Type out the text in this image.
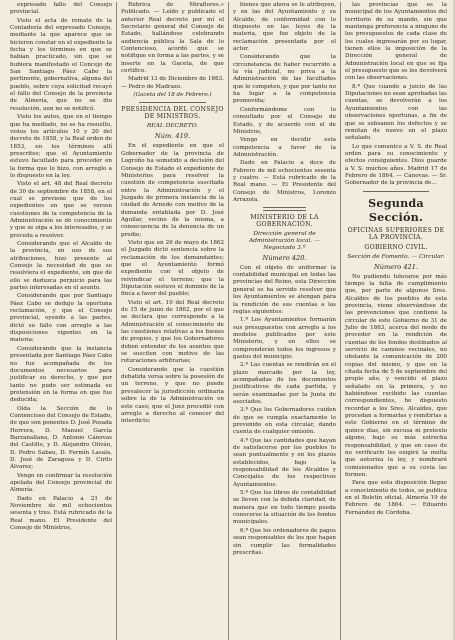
expresado fallo del Consejo provincial.

Visto el acta de remate de la Contaduría del expresado Consejo, mediante la que aparece que se hicieron constar en el expediente la fecha y los términos en que se habían practicado, sin que se hubiera manifestado el Concejo de San Santiago Páez Cabo la pertinente, gobernativa, alguna del pueblo, sobre cuya solicitud recayó el fallo del Consejo de la provincia de Almería, que no se dio resolución, aun no se notificó.

Visto los autos, que en el tiempo que ha mediado, no se ha resuelto, vistos los artículos 10 y 20 del decreto de 1858, y la Real orden de 1853, en los términos allí prescritos; que el Ayuntamiento estuvo facultado para proceder en la forma que lo hizo, con arreglo a lo dispuesto en la ley.

Visto el art. 48 del Real decreto de 30 de septiembre de 1858, en el cual se previene que de los expedientes en que se versen cuestiones de la competencia de la Administración se dé conocimiento y que se oiga a los interesados, y se proceda a resolver.

Considerando que el Alcalde de la provincia, en uso de sus atribuciones, hizo presente al Consejo la necesidad de que se resolviera el expediente, sin que de ello se deduzca perjuicio para las partes interesadas en el asunto.

Considerando que por Santiago Páez Cabo se dedujo la oportuna reclamación, y que el Consejo provincial, oyendo a las partes, dictó su fallo con arreglo a las disposiciones vigentes en la materia;

Considerando que la instancia presentada por Santiago Páez Cabo no fue acompañada de los documentos necesarios para justificar su derecho, y que por tanto no pudo ser estimada su pretensión en la forma en que fue deducida;

Oída la Sección de lo Contencioso del Consejo de Estado, de que son ponentes D. José Posada Herrera, D. Manuel García Barzanallana, D. Antonio Cánovas del Castillo, y D. Alejandro Oliván, D. Pedro Sabau, D. Fermín Lasala, D. José de Zaragoza y D. Cirilo Álvarez;

Vengo en confirmar la resolución apelada del Consejo provincial de Almería.

Dado en Palacio a 21 de Noviembre de mil ochocientos sesenta y tres. Está rubricado de la Real mano. El Presidente del Consejo de Ministros,

Rúbrica de Miraflores.» Publicado. — Leído y publicado el anterior Real decreto por mí el Secretario general del Consejo de Estado, hallándose celebrando audiencia pública la Sala de lo Contencioso, acordó que se notifique en forma a las partes, y se inserte en la Gaceta, de que certifico.

Madrid 13 de Diciembre de 1863. — Pedro de Madrazo.

(Gaceta del 18 de Febrero.)

PRESIDENCIA DEL CONSEJO DE MINISTROS.
REAL DECRETO.
Núm. 419.

En el expediente en que el Gobernador de la provincia de Logroño ha sometido a decisión del Consejo de Estado el expediente de Ministerios para resolver la cuestión de competencia suscitada entre la Administración y el Juzgado de primera instancia de la ciudad de Arnedo con motivo de la demanda entablada por D. José Aguilar, vecino de la misma, a consecuencia de la denuncia de un predio;

Visto que en 26 de mayo de 1862 el Juzgado dictó sentencia sobre la reclamación de los demandantes; que el Ayuntamiento formó expediente con el objeto de reivindicar el terreno; que la Diputación sostuvo el dominio de la finca a favor del pueblo;

Visto el art. 10 del Real decreto de 15 de junio de 1862, por el que se declara que corresponde a la Administración el conocimiento de las cuestiones relativas a los bienes de propios, y que los Gobernadores deben entender de los asuntos que se susciten con motivo de las roturaciones arbitrarias;

Considerando que la cuestión debatida versa sobre la posesión de un terreno, y que no puede prevalecer la jurisdicción ordinaria sobre la de la Administración en este caso; que el Juez procedió con arreglo a derecho al conocer del interdicto;

bienes que ahora se le atribuyen, y en las del Ayuntamiento y su Alcalde, de conformidad con lo dispuesto en las leyes de la materia, que fue objeto de la reclamación presentada por el actor.

Considerando que la circunstancia de haber recurrido a la vía judicial, no priva a la Administración de las facultades que le competen, y que por tanto no ha lugar a la competencia promovida;

Conformándome con lo consultado por el Consejo de Estado, y de acuerdo con el de Ministros,

Vengo en decidir esta competencia a favor de la Administración.

Dado en Palacio a doce de Febrero de mil ochocientos sesenta y cuatro. — Está rubricado de la Real mano. — El Presidente del Consejo de Ministros, Lorenzo Arrazola.

MINISTERIO DE LA GOBERNACIÓN.
Dirección general de Administración local. — Negociado 3.º
Número 420.

Con el objeto de uniformar la contabilidad municipal en todas las provincias del Reino, esta Dirección general se ha servido resolver que los Ayuntamientos se atengan para la rendición de sus cuentas a las reglas siguientes:

1.ª Los Ayuntamientos formarán sus presupuestos con arreglo a los modelos publicados por este Ministerio, y en ellos se comprenderán todos los ingresos y gastos del municipio.

2.ª Las cuentas se rendirán en el plazo marcado por la ley, acompañadas de los documentos justificativos de cada partida, y serán examinadas por la Junta de asociados.

3.ª Que los Gobernadores cuiden de que se cumpla exactamente lo prevenido en esta circular, dando cuenta de cualquier omisión.

4.ª Que las cantidades que hayan de satisfacerse por los pueblos lo sean puntualmente y en los plazos establecidos, bajo la responsabilidad de los Alcaldes y Concejales de los respectivos Ayuntamientos.

5.ª Que los libros de contabilidad se lleven con la debida claridad, de manera que en todo tiempo pueda conocerse la situación de los fondos municipales.

6.ª Que los ordenadores de pagos sean responsables de los que hagan sin cumplir las formalidades prescritas.

las provincias que es la municipal de los Ayuntamientos del territorio de su mando, sin que mantenga preferencia a ninguno de los presupuestos de cada clase de los cuales ingresarán por su lugar, tienen ellos la imposición de la Dirección general de Administración local en que se fija el presupuesto que se les devolverá con las observaciones.

8.ª Que cuando a juicio de las Diputaciones no sean aprobadas las cuentas, se devolverán a los Ayuntamientos con las observaciones oportunas, a fin de que se subsanen los defectos y se remitan de nuevo en el plazo señalado.

Lo que comunico a V. S. de Real orden para su conocimiento y efectos consiguientes. Dios guarde a V. S. muchos años. Madrid 17 de Febrero de 1864. — Cánovas. — Sr. Gobernador de la provincia de...

Segunda Sección.
OFICINAS SUPERIORES DE LA PROVINCIA.
GOBIERNO CIVIL.
Sección de Fomento. — Circular.
Número 421.

No pudiendo tolerarse por más tiempo la falta de cumplimiento que, por parte de algunos Sres. Alcaldes de los pueblos de esta provincia, viene observándose de las prevenciones que contiene la circular de este Gobierno de 31 de Julio de 1863, acerca del modo de proceder en la rendición de cuentas de los fondos destinados al servicio de caminos vecinales, no obstante la comunicación de 200 copias del mismo, y que en la citada fecha de 5 de septiembre del propio año, y vencido el plazo señalado en la primera, y no habiéndose recibido las cuentas correspondientes, he dispuesto recordar a los Sres. Alcaldes, que procedan a formarlas y remitirlas a este Gobierno en el término de quince días, sin excusa ni pretexto alguno, bajo su más estrecha responsabilidad, y que en caso de no verificarlo les exigiré la multa que autoriza la ley, y nombraré comisionados que a su costa las formen.

Para que esta disposición llegue a conocimiento de todos, se publica en el Boletín oficial. Almería 19 de Febrero de 1864. — Eduardo Fernández de Córdoba.
